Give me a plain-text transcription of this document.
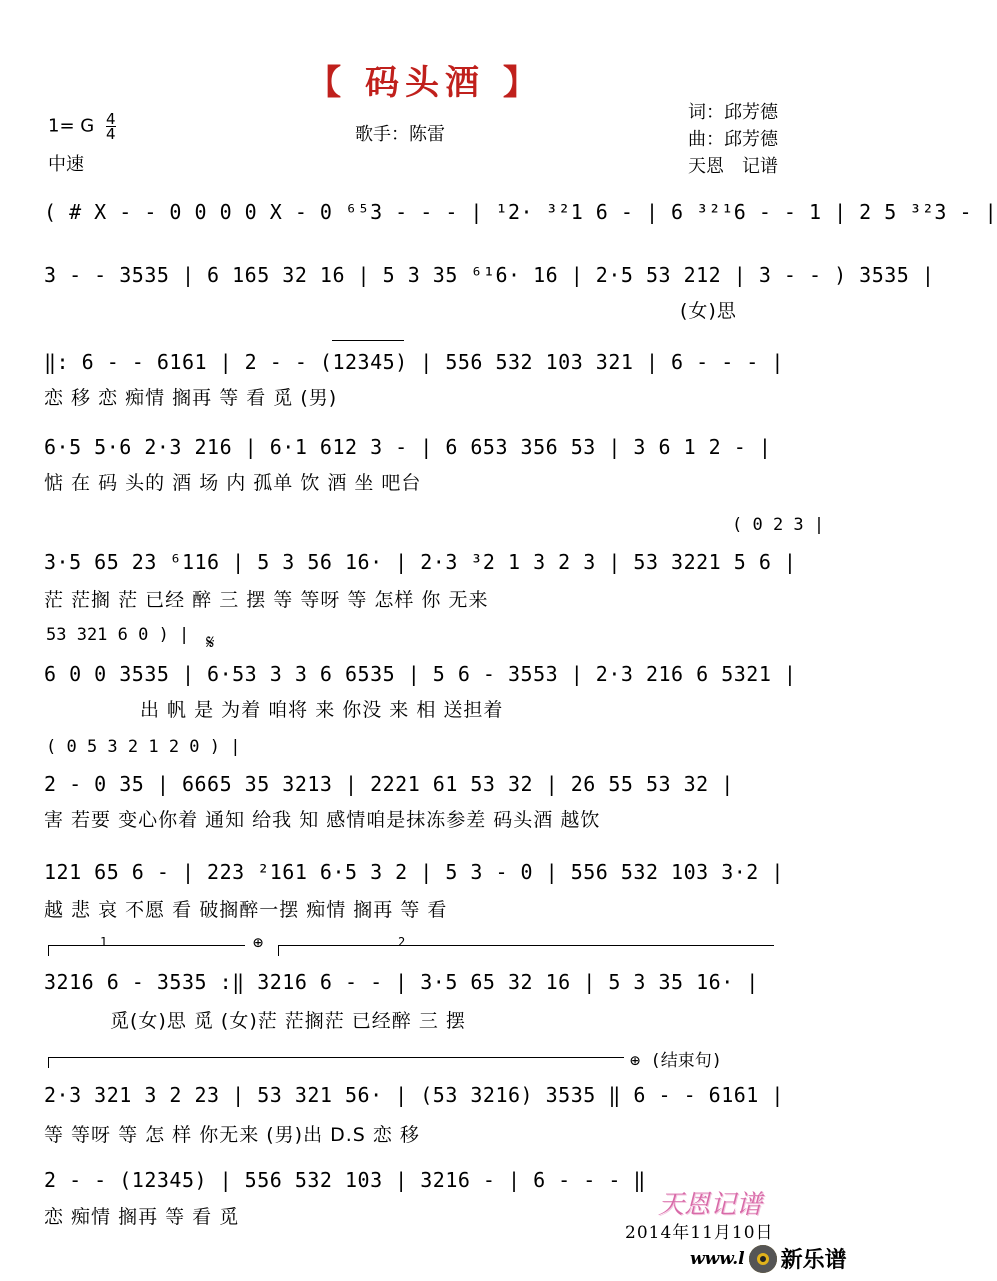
【 码头酒 】
1= G $\frac{4}{4}$
中速
歌手：陈雷
词：邱芳德
曲：邱芳德
天恩　记谱
( # X - - 0 0 0 0 X - 0 ⁶⁵3 - - - | ¹2· ³²1 6 - | 6 ³²¹6 - - 1 | 2 5 ³²3 - |
3 - - 3535 | 6 165 32 16 | 5 3 35 ⁶¹6· 16 | 2·5 53 212 | 3 - - ) 3535 |
(女)思
‖: 6 - - 6161 | 2 - - (12345) | 556 532 103 321 | 6 - - - |
恋 移 恋 痴情 搁再 等 看 觅 (男)
6·5 5·6 2·3 216 | 6·1 612 3 - | 6 653 356 53 | 3 6 1 2 - |
惦 在 码 头的 酒 场 内 孤单 饮 酒 坐 吧台
( 0 2 3 |
3·5 65 23 ⁶116 | 5 3 56 16· | 2·3 ³2 1 3 2 3 | 53 3221 5 6 |
茫 茫搁 茫 已经 醉 三 摆 等 等呀 等 怎样 你 无来
53 321 6 0 ) | 𝄋
6 0 0 3535 | 6·53 3 3 6 6535 | 5 6 - 3553 | 2·3 216 6 5321 |
出 帆 是 为着 咱将 来 你没 来 相 送担着
( 0 5 3 2 1 2 0 ) |
2 - 0 35 | 6665 35 3213 | 2221 61 53 32 | 26 55 53 32 |
害 若要 变心你着 通知 给我 知 感情咱是抹冻参差 码头酒 越饮
121 65 6 - | 223 ²161 6·5 3 2 | 5 3 - 0 | 556 532 103 3·2 |
越 悲 哀 不愿 看 破搁醉一摆 痴情 搁再 等 看
1	⊕	2
3216 6 - 3535 :‖ 3216 6 - - | 3·5 65 32 16 | 5 3 35 16· |
觅(女)思 觅 (女)茫 茫搁茫 已经醉 三 摆
⊕ (结束句)
2·3 321 3 2 23 | 53 321 56· | (53 3216) 3535 ‖ 6 - - 6161 |
等 等呀 等 怎 样 你无来 (男)出 D.S 恋 移
2 - - (12345) | 556 532 103 | 3216 - | 6 - - - ‖
恋 痴情 搁再 等 看 觅	天恩记谱
2014年11月10日
www.l 新乐谱
